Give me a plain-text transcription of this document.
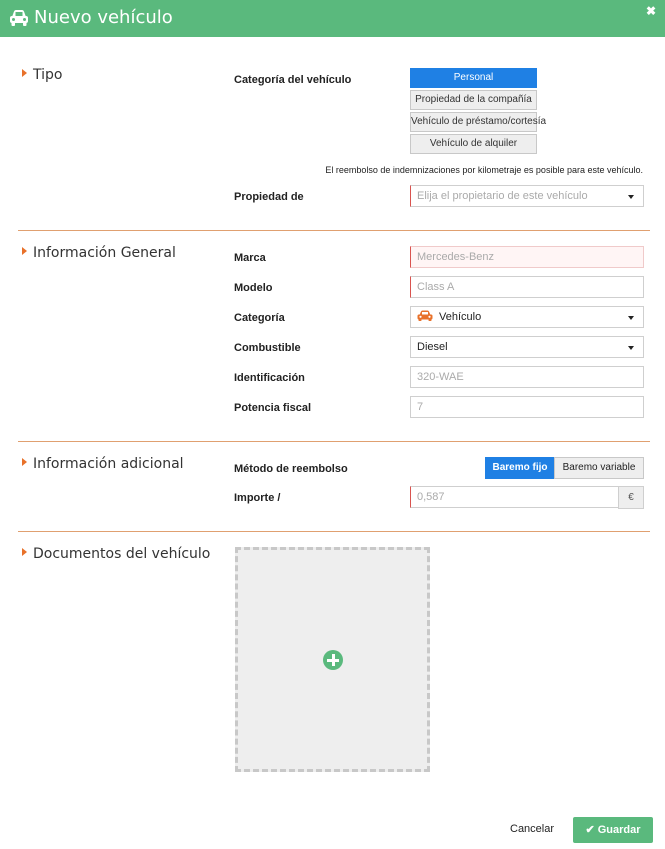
Nuevo vehículo	✖
Tipo	Categoría del vehículo	Personal
Propiedad de la compañía
Vehículo de préstamo/cortesía
Vehículo de alquiler
El reembolso de indemnizaciones por kilometraje es posible para este vehículo.
Propiedad de	Elija el propietario de este vehículo
Información General	Marca	Mercedes-Benz
Modelo	Class A
Categoría	Vehículo
Combustible	Diesel
Identificación	320-WAE
Potencia fiscal	7
Información adicional	Método de reembolso	Baremo fijo	Baremo variable
Importe /	0,587	€
Documentos del vehículo
Cancelar	✔ Guardar
